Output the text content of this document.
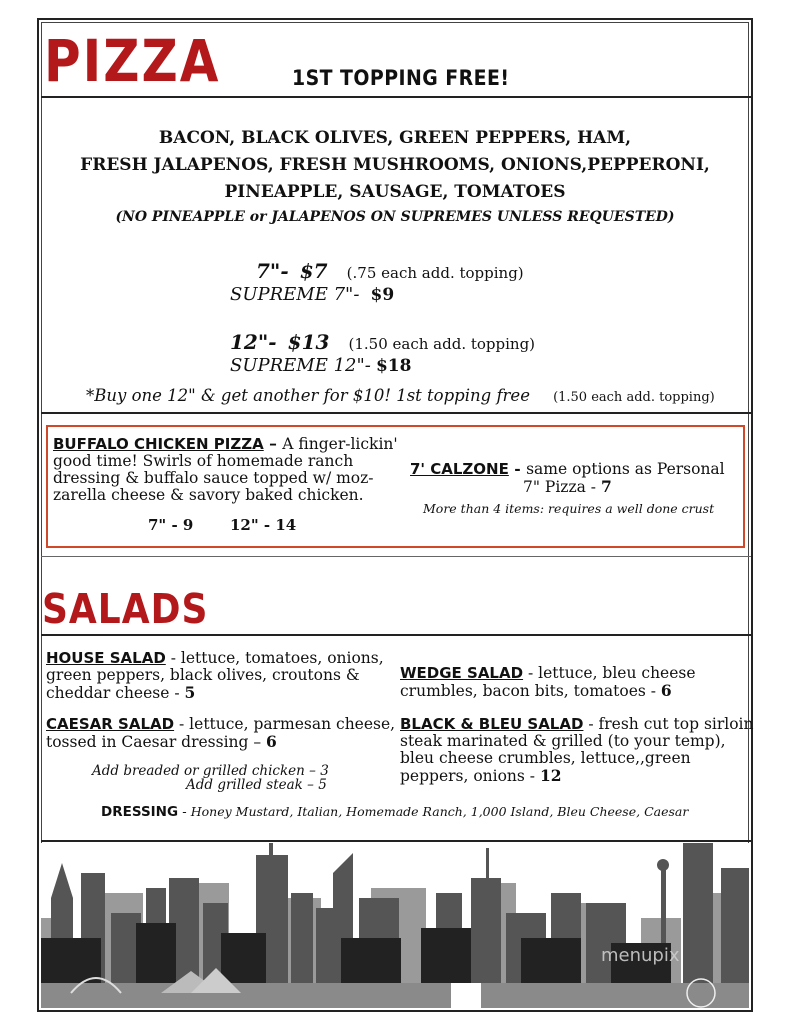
PIZZA	1ST TOPPING FREE!
BACON, BLACK OLIVES, GREEN PEPPERS, HAM,
FRESH JALAPENOS, FRESH MUSHROOMS, ONIONS,PEPPERONI,
PINEAPPLE, SAUSAGE, TOMATOES
(NO PINEAPPLE or JALAPENOS ON SUPREMES UNLESS REQUESTED)
7"- $7 (.75 each add. topping)
SUPREME 7"- $9
12"- $13 (1.50 each add. topping)
SUPREME 12"- $18
*Buy one 12" & get another for $10! 1st topping free (1.50 each add. topping)
BUFFALO CHICKEN PIZZA – A finger-lickin'
good time! Swirls of homemade ranch
dressing & buffalo sauce topped w/ moz-
zarella cheese & savory baked chicken.
7" - 9 12" - 14
7' CALZONE - same options as Personal
7" Pizza - 7
More than 4 items: requires a well done crust
SALADS
HOUSE SALAD - lettuce, tomatoes, onions,
green peppers, black olives, croutons &
cheddar cheese - 5
CAESAR SALAD - lettuce, parmesan cheese,
tossed in Caesar dressing – 6
Add breaded or grilled chicken – 3
Add grilled steak – 5
WEDGE SALAD - lettuce, bleu cheese
crumbles, bacon bits, tomatoes - 6
BLACK & BLEU SALAD - fresh cut top sirloin
steak marinated & grilled (to your temp),
bleu cheese crumbles, lettuce,,green
peppers, onions - 12
DRESSING - Honey Mustard, Italian, Homemade Ranch, 1,000 Island, Bleu Cheese, Caesar
menupix
